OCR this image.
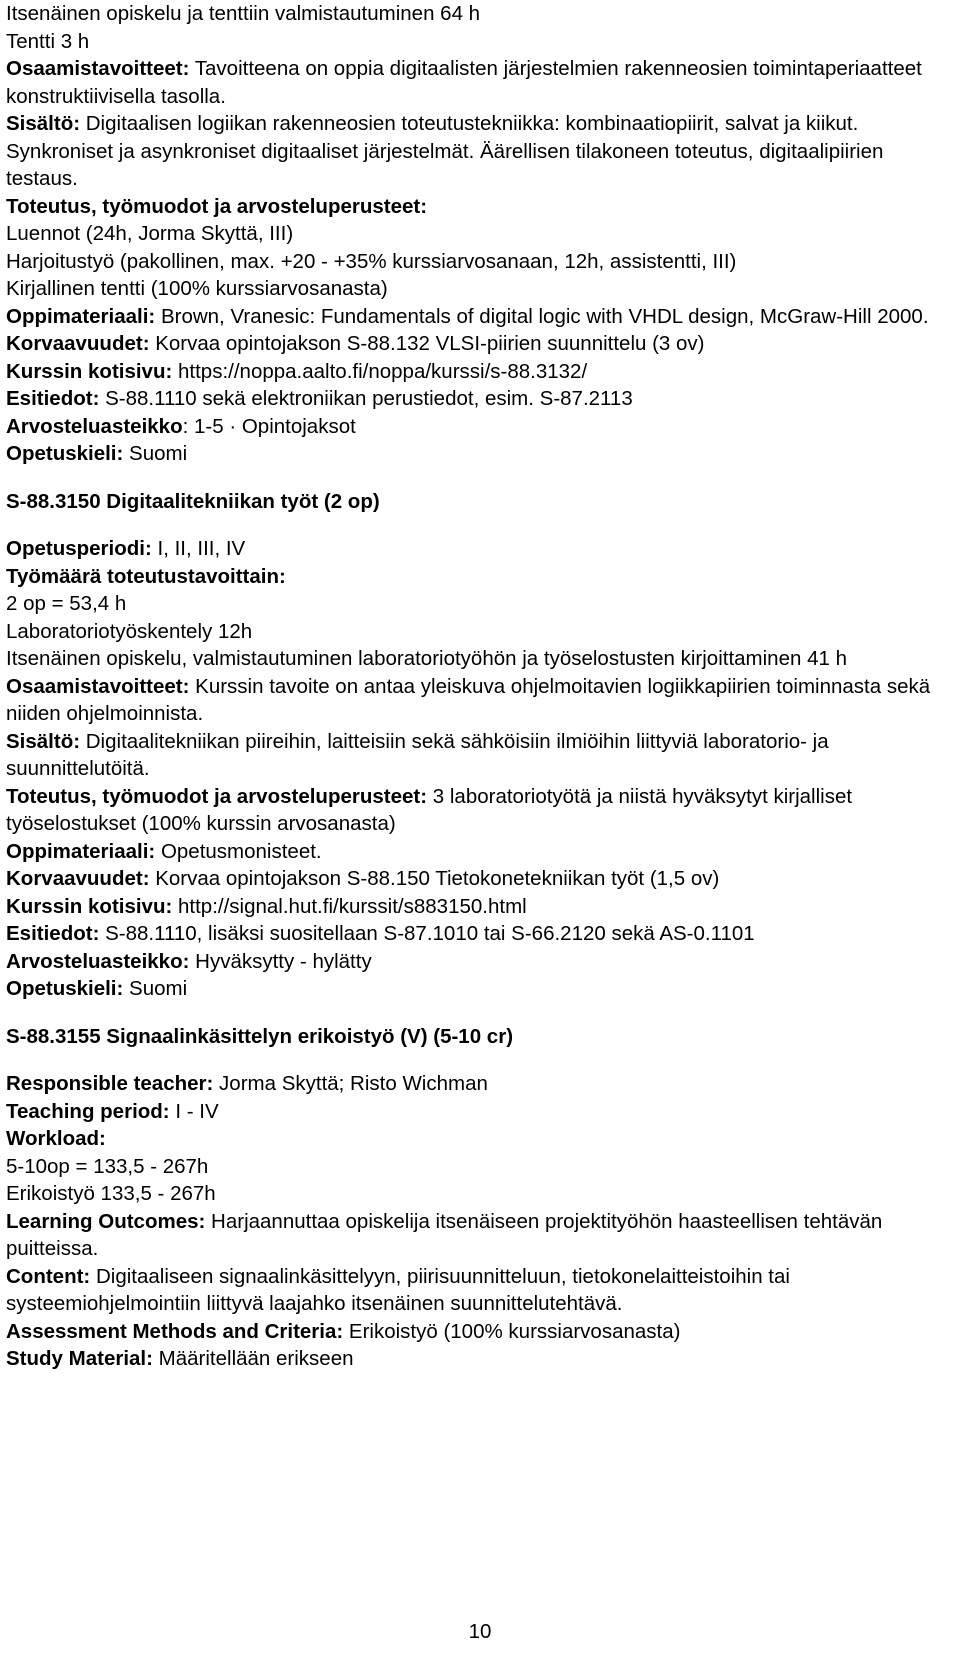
Itsenäinen opiskelu ja tenttiin valmistautuminen 64 h
Tentti 3 h
Osaamistavoitteet: Tavoitteena on oppia digitaalisten järjestelmien rakenneosien toimintaperiaatteet konstruktiivisella tasolla.
Sisältö: Digitaalisen logiikan rakenneosien toteutustekniikka: kombinaatiopiirit, salvat ja kiikut. Synkroniset ja asynkroniset digitaaliset järjestelmät. Äärellisen tilakoneen toteutus, digitaalipiirien testaus.
Toteutus, työmuodot ja arvosteluperusteet:
Luennot (24h, Jorma Skyttä, III)
Harjoitustyö (pakollinen, max. +20 - +35% kurssiarvosanaan, 12h, assistentti, III)
Kirjallinen tentti (100% kurssiarvosanasta)
Oppimateriaali: Brown, Vranesic: Fundamentals of digital logic with VHDL design, McGraw-Hill 2000.
Korvaavuudet: Korvaa opintojakson S-88.132 VLSI-piirien suunnittelu (3 ov)
Kurssin kotisivu: https://noppa.aalto.fi/noppa/kurssi/s-88.3132/
Esitiedot: S-88.1110 sekä elektroniikan perustiedot, esim. S-87.2113
Arvosteluasteikko: 1-5 · Opintojaksot
Opetuskieli: Suomi
S-88.3150 Digitaalitekniikan työt (2 op)
Opetusperiodi: I, II, III, IV
Työmäärä toteutustavoittain:
2 op = 53,4 h
Laboratoriotyöskentely 12h
Itsenäinen opiskelu, valmistautuminen laboratoriotyöhön ja työselostusten kirjoittaminen 41 h
Osaamistavoitteet: Kurssin tavoite on antaa yleiskuva ohjelmoitavien logiikkapiirien toiminnasta sekä niiden ohjelmoinnista.
Sisältö: Digitaalitekniikan piireihin, laitteisiin sekä sähköisiin ilmiöihin liittyviä laboratorio- ja suunnittelutöitä.
Toteutus, työmuodot ja arvosteluperusteet: 3 laboratoriotyötä ja niistä hyväksytyt kirjalliset työselostukset (100% kurssin arvosanasta)
Oppimateriaali: Opetusmonisteet.
Korvaavuudet: Korvaa opintojakson S-88.150 Tietokonetekniikan työt (1,5 ov)
Kurssin kotisivu: http://signal.hut.fi/kurssit/s883150.html
Esitiedot: S-88.1110, lisäksi suositellaan S-87.1010 tai S-66.2120 sekä AS-0.1101
Arvosteluasteikko: Hyväksytty - hylätty
Opetuskieli: Suomi
S-88.3155 Signaalinkäsittelyn erikoistyö (V) (5-10 cr)
Responsible teacher: Jorma Skyttä; Risto Wichman
Teaching period: I - IV
Workload:
5-10op = 133,5 - 267h
Erikoistyö 133,5 - 267h
Learning Outcomes: Harjaannuttaa opiskelija itsenäiseen projektityöhön haasteellisen tehtävän puitteissa.
Content: Digitaaliseen signaalinkäsittelyyn, piirisuunnitteluun, tietokonelaitteistoihin tai systeemiohjelmointiin liittyvä laajahko itsenäinen suunnittelutehtävä.
Assessment Methods and Criteria: Erikoistyö (100% kurssiarvosanasta)
Study Material: Määritellään erikseen
10
